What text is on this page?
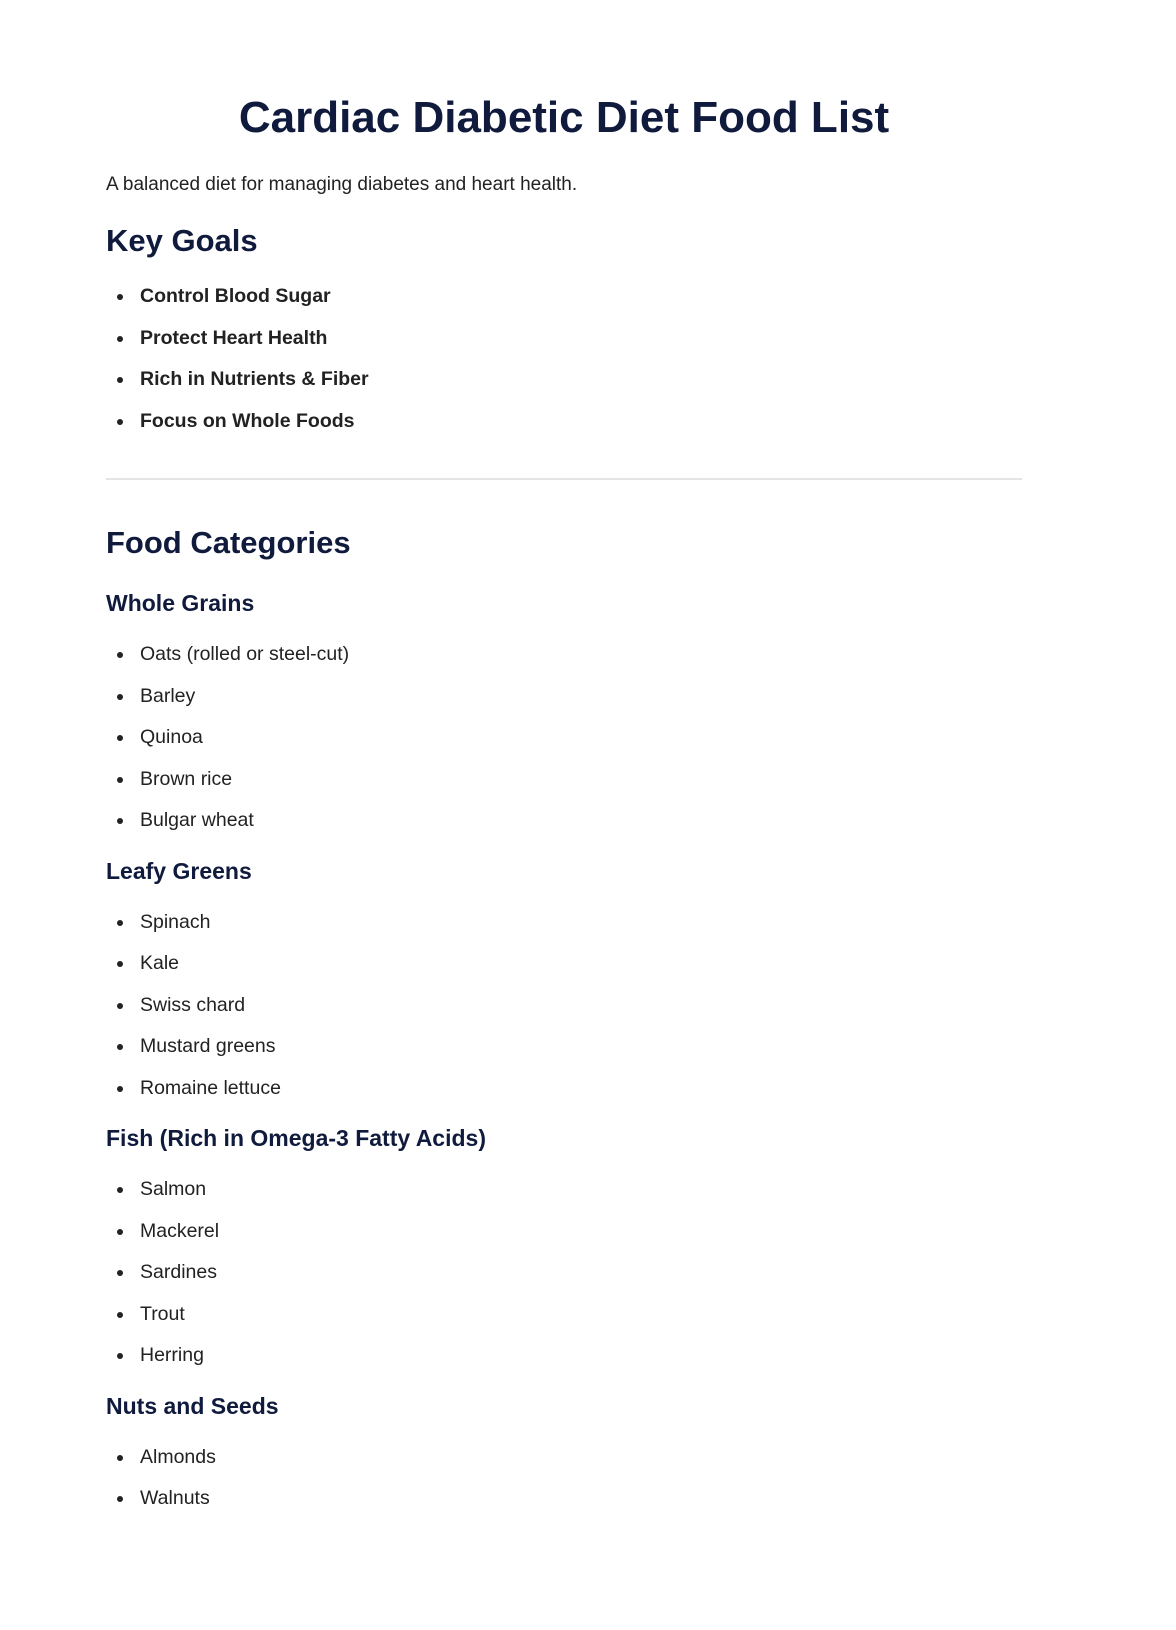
Cardiac Diabetic Diet Food List

A balanced diet for managing diabetes and heart health.

Key Goals
Control Blood Sugar
Protect Heart Health
Rich in Nutrients & Fiber
Focus on Whole Foods
Food Categories
Whole Grains
Oats (rolled or steel-cut)
Barley
Quinoa
Brown rice
Bulgar wheat
Leafy Greens
Spinach
Kale
Swiss chard
Mustard greens
Romaine lettuce
Fish (Rich in Omega-3 Fatty Acids)
Salmon
Mackerel
Sardines
Trout
Herring
Nuts and Seeds
Almonds
Walnuts
